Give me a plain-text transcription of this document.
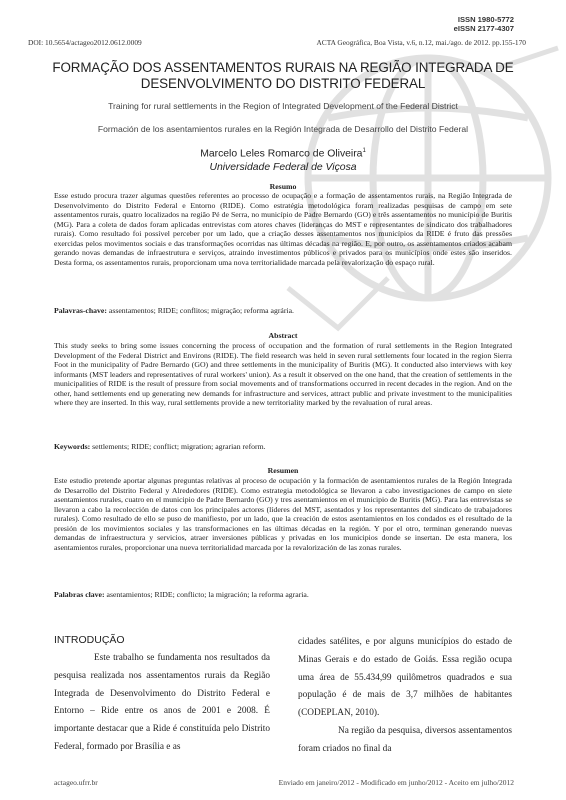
ISSN 1980-5772
eISSN 2177-4307
DOI: 10.5654/actageo2012.0612.0009	ACTA Geográfica, Boa Vista, v.6, n.12, mai./ago. de 2012. pp.155-170
FORMAÇÃO DOS ASSENTAMENTOS RURAIS NA REGIÃO INTEGRADA DE DESENVOLVIMENTO DO DISTRITO FEDERAL
Training for rural settlements in the Region of Integrated Development of the Federal District
Formación de los asentamientos rurales en la Región Integrada de Desarrollo del Distrito Federal
Marcelo Leles Romarco de Oliveira$^1$
Universidade Federal de Viçosa
Resumo
Esse estudo procura trazer algumas questões referentes ao processo de ocupação e a formação de assentamentos rurais, na Região Integrada de Desenvolvimento do Distrito Federal e Entorno (RIDE). Como estratégia metodológica foram realizadas pesquisas de campo em sete assentamentos rurais, quatro localizados na região Pé de Serra, no município de Padre Bernardo (GO) e três assentamentos no município de Buritis (MG). Para a coleta de dados foram aplicadas entrevistas com atores chaves (lideranças do MST e representantes de sindicato dos trabalhadores rurais). Como resultado foi possível perceber por um lado, que a criação desses assentamentos nos municípios da RIDE é fruto das pressões exercidas pelos movimentos sociais e das transformações ocorridas nas últimas décadas na região. E, por outro, os assentamentos criados acabam gerando novas demandas de infraestrutura e serviços, atraindo investimentos públicos e privados para os municípios onde estes são inseridos. Desta forma, os assentamentos rurais, proporcionam uma nova territorialidade marcada pela revalorização do espaço rural.
Palavras-chave: assentamentos; RIDE; conflitos; migração; reforma agrária.
Abstract
This study seeks to bring some issues concerning the process of occupation and the formation of rural settlements in the Region Integrated Development of the Federal District and Environs (RIDE). The field research was held in seven rural settlements four located in the region Sierra Foot in the municipality of Padre Bernardo (GO) and three settlements in the municipality of Buritis (MG). It conducted also interviews with key informants (MST leaders and representatives of rural workers' union). As a result it observed on the one hand, that the creation of settlements in the municipalities of RIDE is the result of pressure from social movements and of transformations occurred in recent decades in the region. And on the other, hand settlements end up generating new demands for infrastructure and services, attract public and private investment to the municipalities where they are inserted. In this way, rural settlements provide a new territoriality marked by the revaluation of rural areas.
Keywords: settlements; RIDE; conflict; migration; agrarian reform.
Resumen
Este estudio pretende aportar algunas preguntas relativas al proceso de ocupación y la formación de asentamientos rurales de la Región Integrada de Desarrollo del Distrito Federal y Alrededores (RIDE). Como estrategia metodológica se llevaron a cabo investigaciones de campo en siete asentamientos rurales, cuatro en el municipio de Padre Bernardo (GO) y tres asentamientos en el municipio de Buritis (MG). Para las entrevistas se llevaron a cabo la recolección de datos con los principales actores (líderes del MST, asentados y los representantes del sindicato de trabajadores rurales). Como resultado de ello se puso de manifiesto, por un lado, que la creación de estos asentamientos en los condados es el resultado de la presión de los movimientos sociales y las transformaciones en las últimas décadas en la región. Y por el otro, terminan generando nuevas demandas de infraestructura y servicios, atraer inversiones públicas y privadas en los municipios donde se insertan. De esta manera, los asentamientos rurales, proporcionar una nueva territorialidad marcada por la revalorización de las zonas rurales.
Palabras clave: asentamientos; RIDE; conflicto; la migración; la reforma agraria.
INTRODUÇÃO

Este trabalho se fundamenta nos resultados da pesquisa realizada nos assentamentos rurais da Região Integrada de Desenvolvimento do Distrito Federal e Entorno – Ride entre os anos de 2001 e 2008. É importante destacar que a Ride é constituída pelo Distrito Federal, formado por Brasília e as

cidades satélites, e por alguns municípios do estado de Minas Gerais e do estado de Goiás. Essa região ocupa uma área de 55.434,99 quilômetros quadrados e sua população é de mais de 3,7 milhões de habitantes (CODEPLAN, 2010).

Na região da pesquisa, diversos assentamentos foram criados no final da

actageo.ufrr.br	Enviado em janeiro/2012 - Modificado em junho/2012 - Aceito em julho/2012
